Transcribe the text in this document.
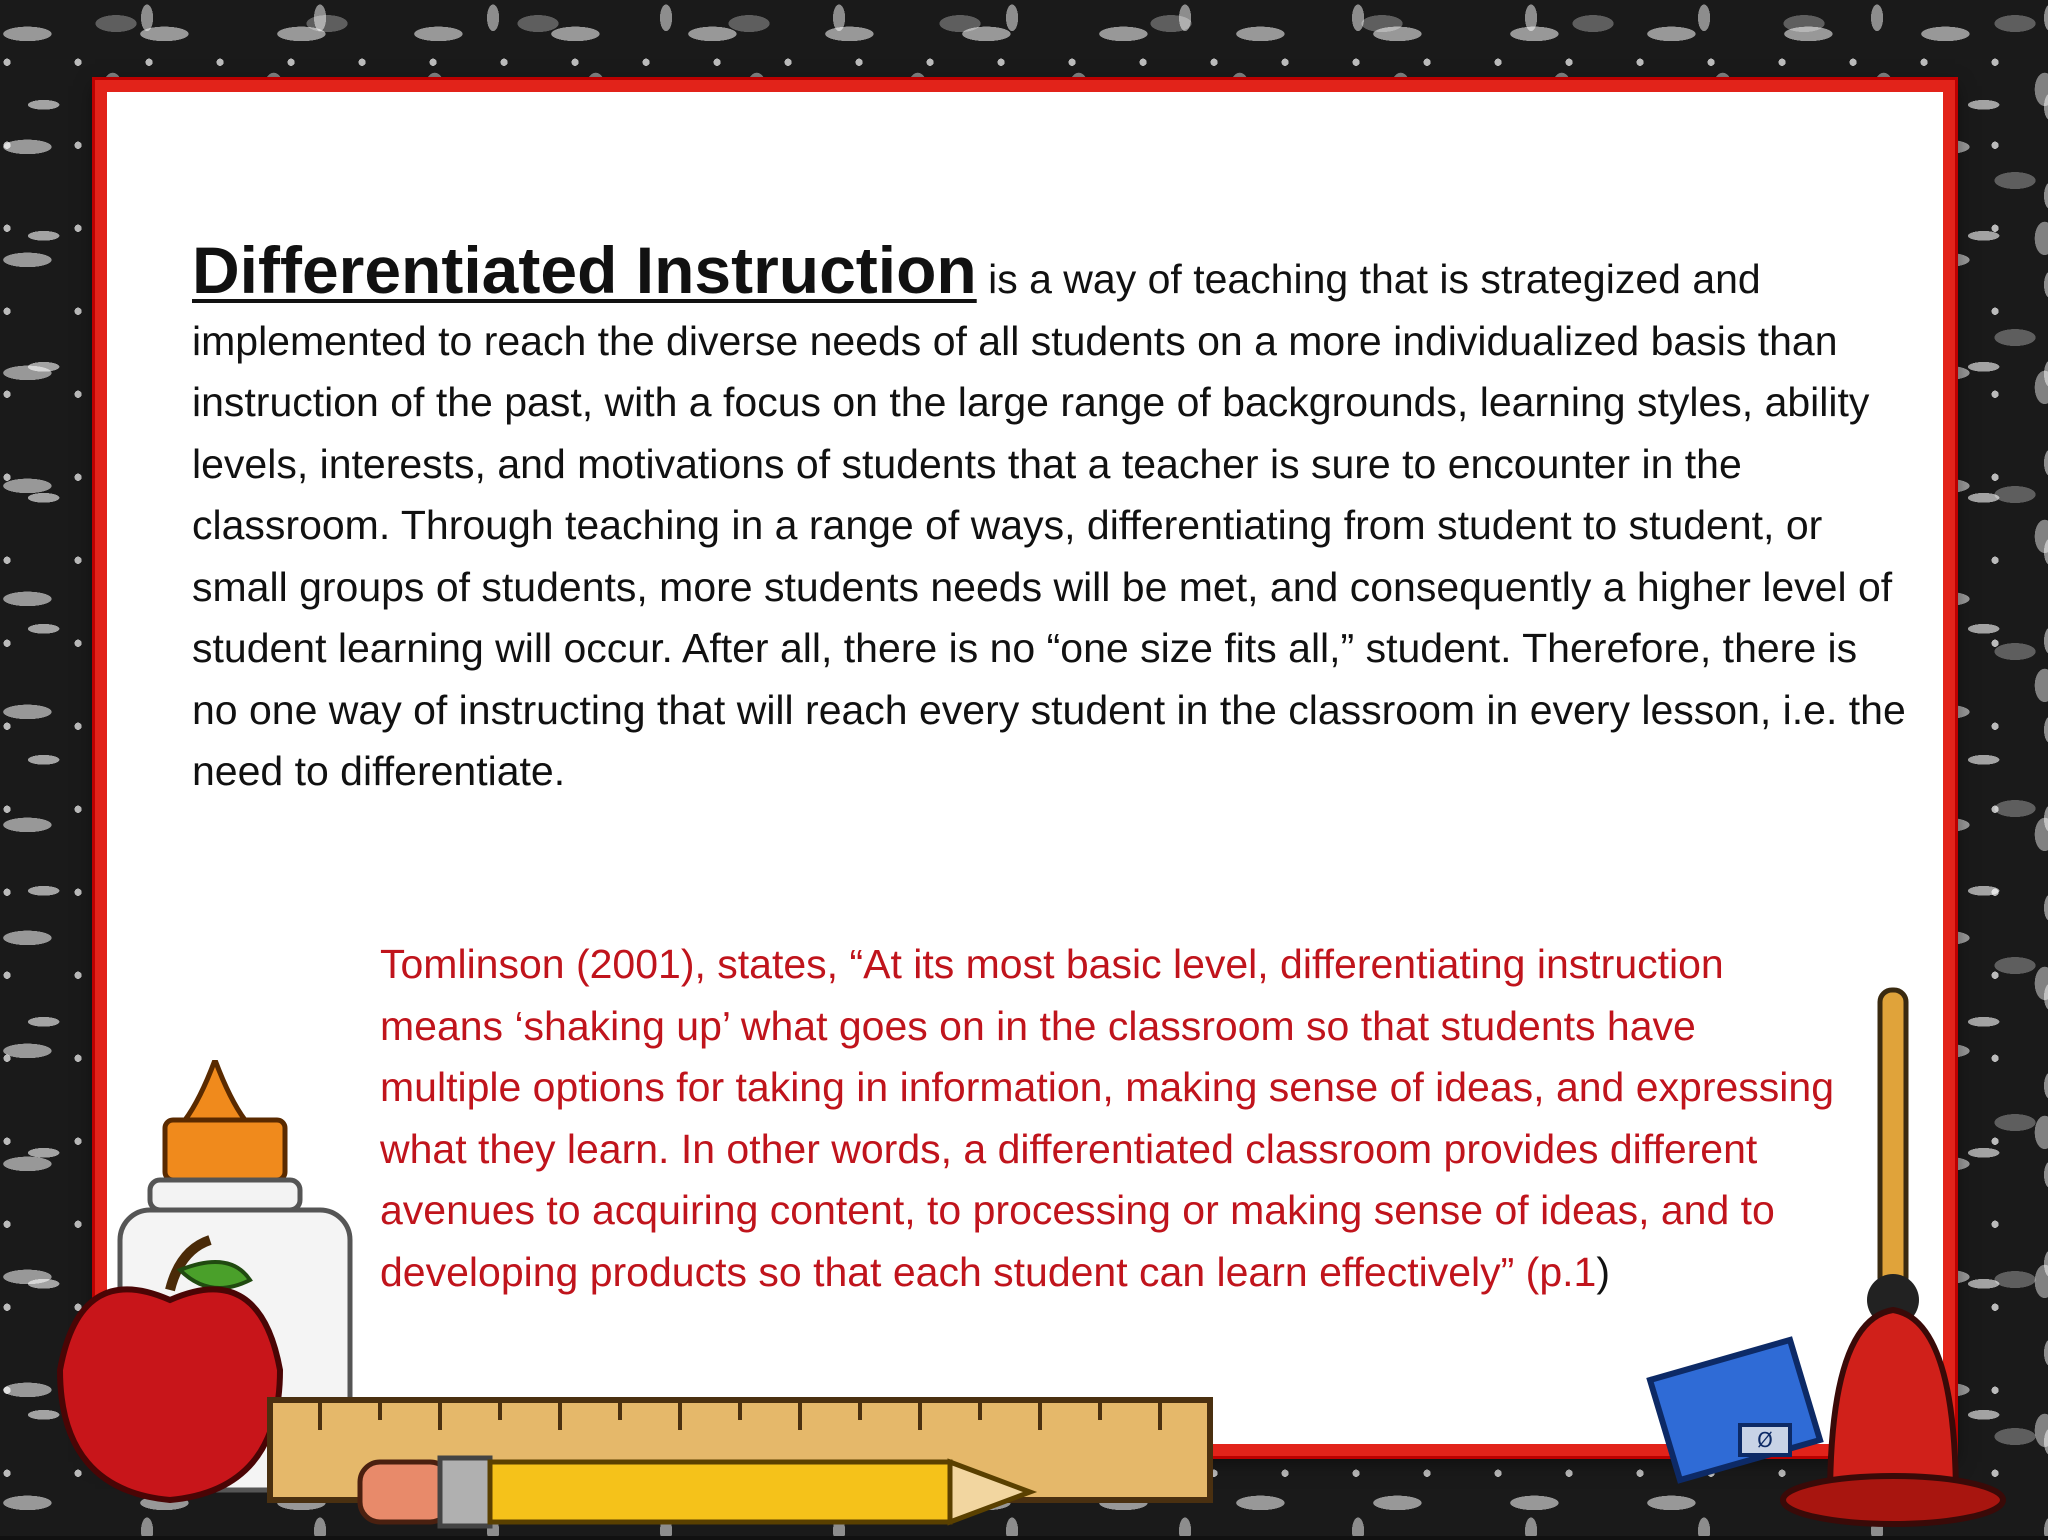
Differentiated Instruction is a way of teaching that is strategized and implemented to reach the diverse needs of all students on a more individualized basis than instruction of the past, with a focus on the large range of backgrounds, learning styles, ability levels, interests, and motivations of students that a teacher is sure to encounter in the classroom. Through teaching in a range of ways, differentiating from student to student, or small groups of students, more students needs will be met, and consequently a higher level of student learning will occur. After all, there is no “one size fits all,” student. Therefore, there is no one way of instructing that will reach every student in the classroom in every lesson, i.e. the need to differentiate.

Tomlinson (2001), states, “At its most basic level, differentiating instruction means ‘shaking up’ what goes on in the classroom so that students have multiple options for taking in information, making sense of ideas, and expressing what they learn. In other words, a differentiated classroom provides different avenues to acquiring content, to processing or making sense of ideas, and to developing products so that each student can learn effectively” (p.1)

Ø
